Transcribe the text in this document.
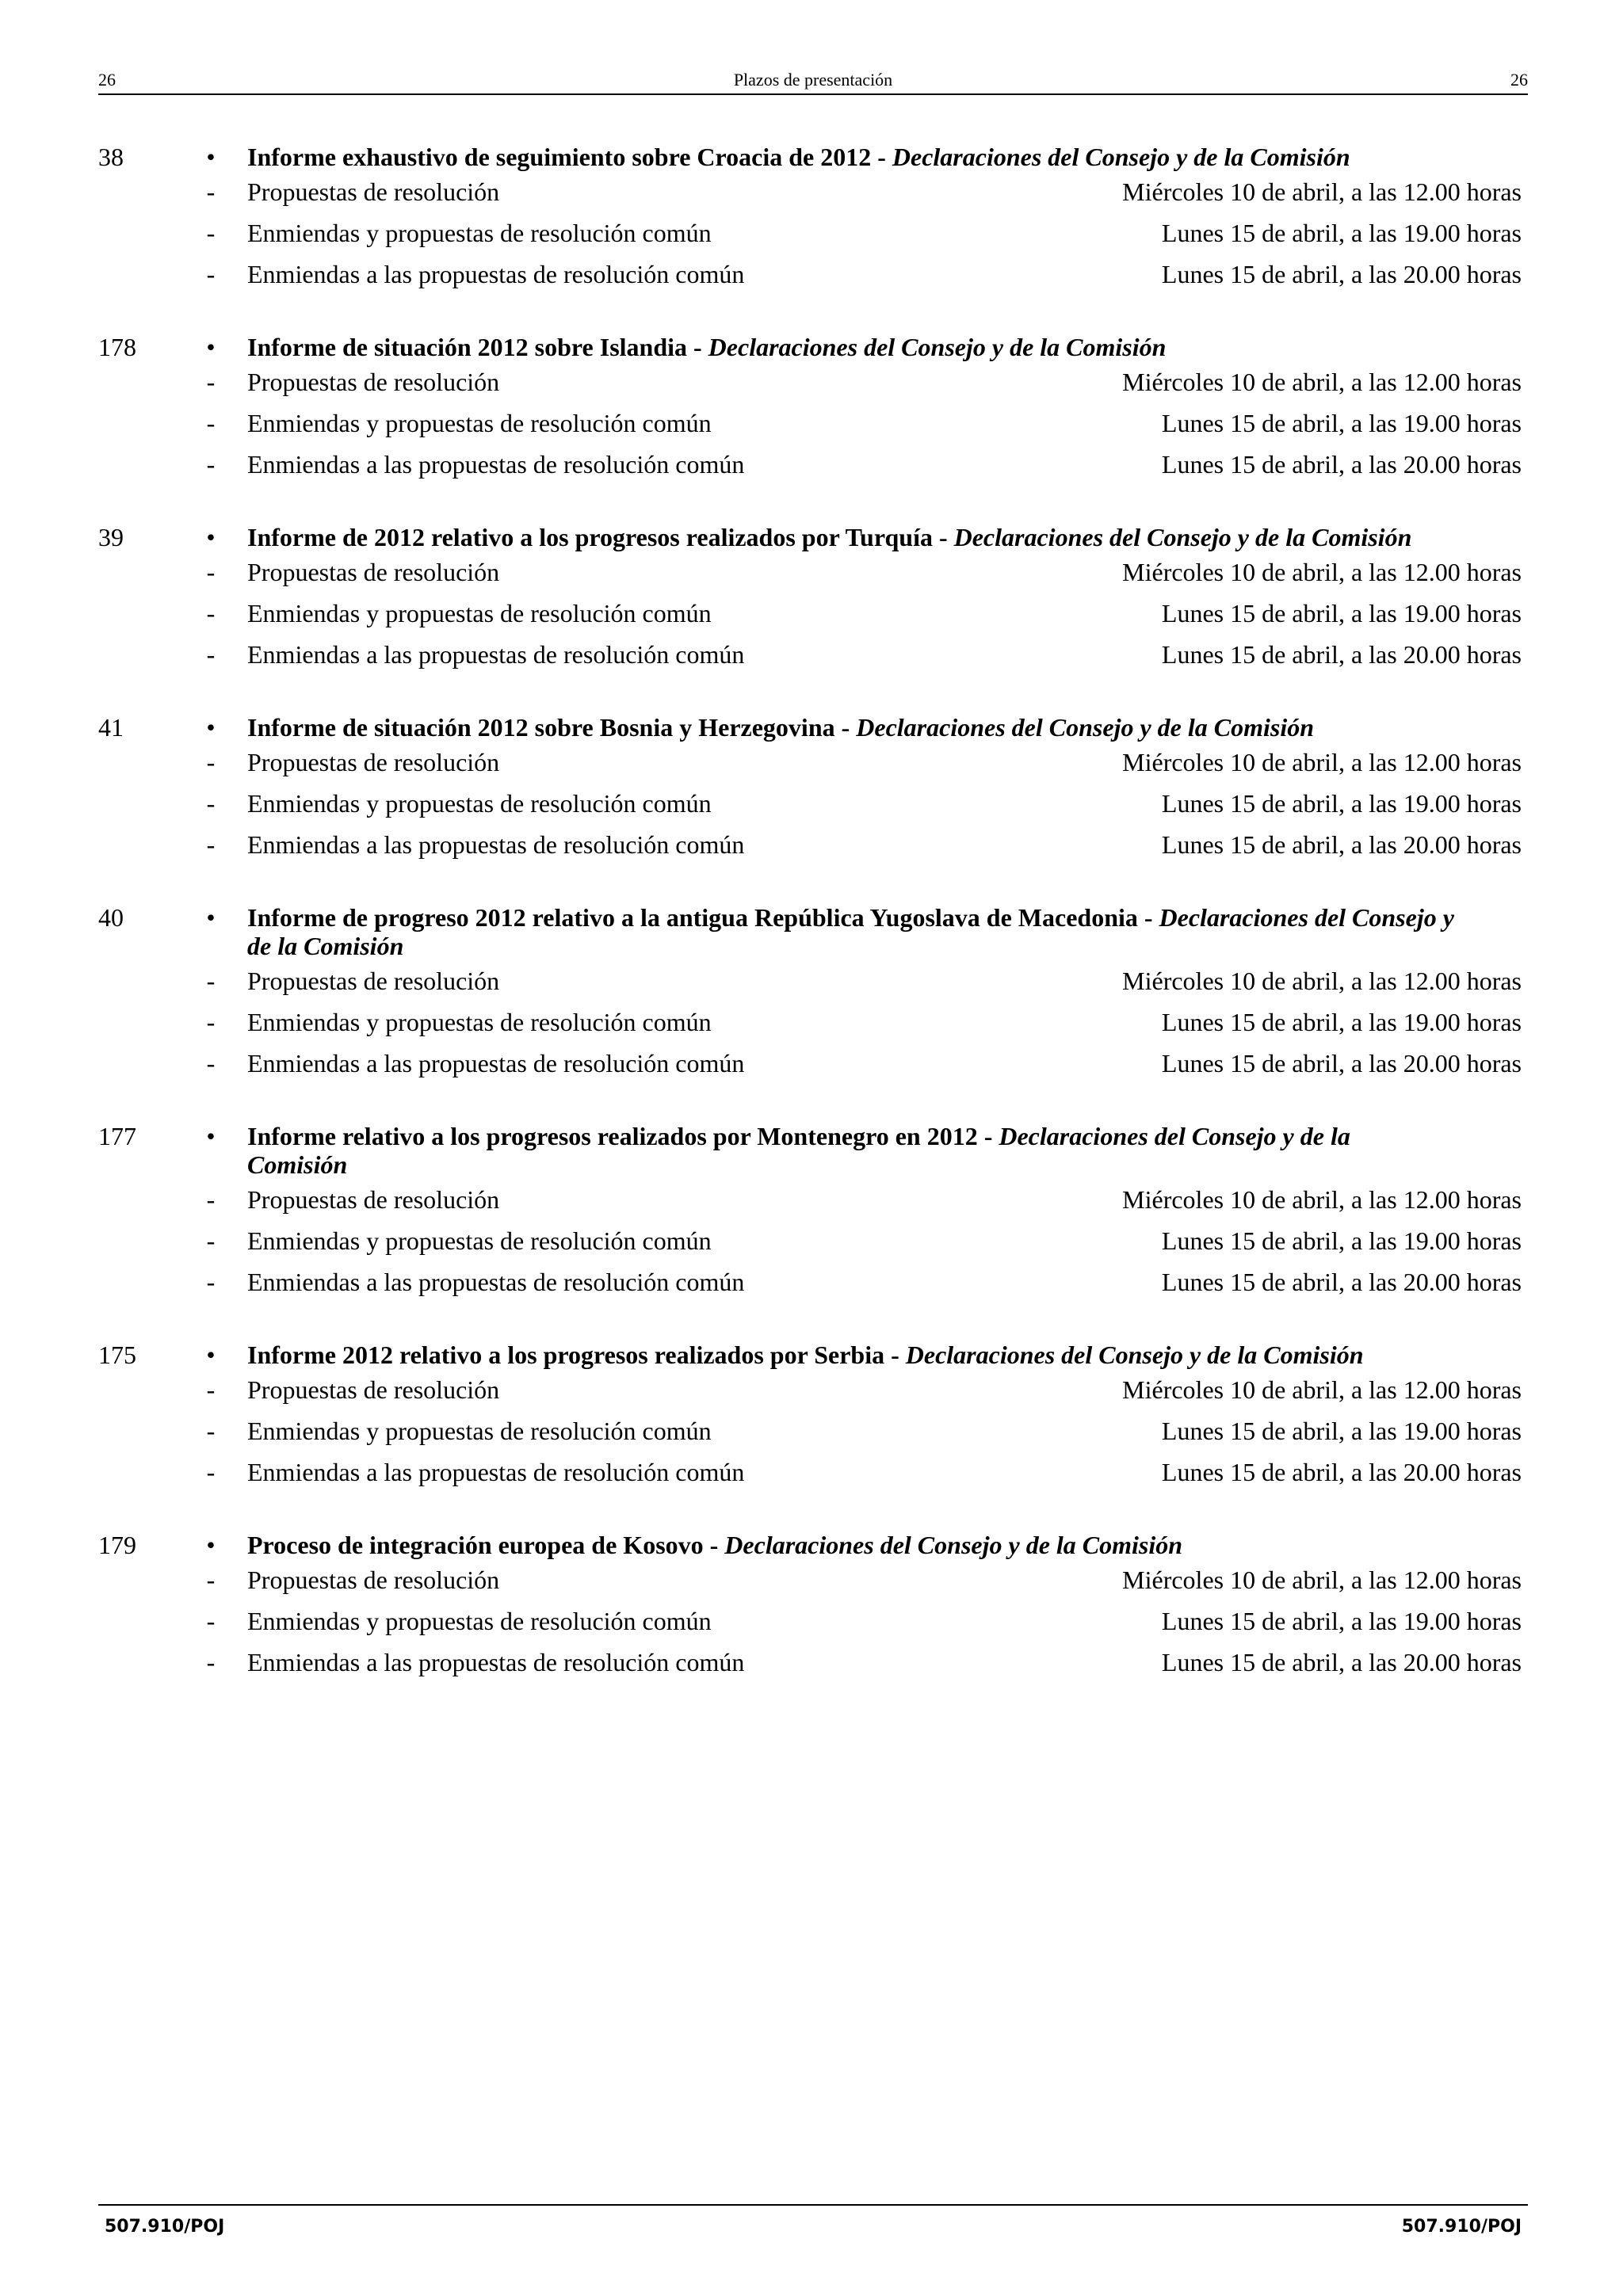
26	Plazos de presentación	26
38	•	Informe exhaustivo de seguimiento sobre Croacia de 2012 - Declaraciones del Consejo y de la Comisión
-	Propuestas de resolución	Miércoles 10 de abril, a las 12.00 horas
-	Enmiendas y propuestas de resolución común	Lunes 15 de abril, a las 19.00 horas
-	Enmiendas a las propuestas de resolución común	Lunes 15 de abril, a las 20.00 horas
178	•	Informe de situación 2012 sobre Islandia - Declaraciones del Consejo y de la Comisión
-	Propuestas de resolución	Miércoles 10 de abril, a las 12.00 horas
-	Enmiendas y propuestas de resolución común	Lunes 15 de abril, a las 19.00 horas
-	Enmiendas a las propuestas de resolución común	Lunes 15 de abril, a las 20.00 horas
39	•	Informe de 2012 relativo a los progresos realizados por Turquía - Declaraciones del Consejo y de la Comisión
-	Propuestas de resolución	Miércoles 10 de abril, a las 12.00 horas
-	Enmiendas y propuestas de resolución común	Lunes 15 de abril, a las 19.00 horas
-	Enmiendas a las propuestas de resolución común	Lunes 15 de abril, a las 20.00 horas
41	•	Informe de situación 2012 sobre Bosnia y Herzegovina - Declaraciones del Consejo y de la Comisión
-	Propuestas de resolución	Miércoles 10 de abril, a las 12.00 horas
-	Enmiendas y propuestas de resolución común	Lunes 15 de abril, a las 19.00 horas
-	Enmiendas a las propuestas de resolución común	Lunes 15 de abril, a las 20.00 horas
40	•	Informe de progreso 2012 relativo a la antigua República Yugoslava de Macedonia - Declaraciones del Consejo y de la Comisión
-	Propuestas de resolución	Miércoles 10 de abril, a las 12.00 horas
-	Enmiendas y propuestas de resolución común	Lunes 15 de abril, a las 19.00 horas
-	Enmiendas a las propuestas de resolución común	Lunes 15 de abril, a las 20.00 horas
177	•	Informe relativo a los progresos realizados por Montenegro en 2012 - Declaraciones del Consejo y de la Comisión
-	Propuestas de resolución	Miércoles 10 de abril, a las 12.00 horas
-	Enmiendas y propuestas de resolución común	Lunes 15 de abril, a las 19.00 horas
-	Enmiendas a las propuestas de resolución común	Lunes 15 de abril, a las 20.00 horas
175	•	Informe 2012 relativo a los progresos realizados por Serbia - Declaraciones del Consejo y de la Comisión
-	Propuestas de resolución	Miércoles 10 de abril, a las 12.00 horas
-	Enmiendas y propuestas de resolución común	Lunes 15 de abril, a las 19.00 horas
-	Enmiendas a las propuestas de resolución común	Lunes 15 de abril, a las 20.00 horas
179	•	Proceso de integración europea de Kosovo - Declaraciones del Consejo y de la Comisión
-	Propuestas de resolución	Miércoles 10 de abril, a las 12.00 horas
-	Enmiendas y propuestas de resolución común	Lunes 15 de abril, a las 19.00 horas
-	Enmiendas a las propuestas de resolución común	Lunes 15 de abril, a las 20.00 horas
507.910/POJ	507.910/POJ
